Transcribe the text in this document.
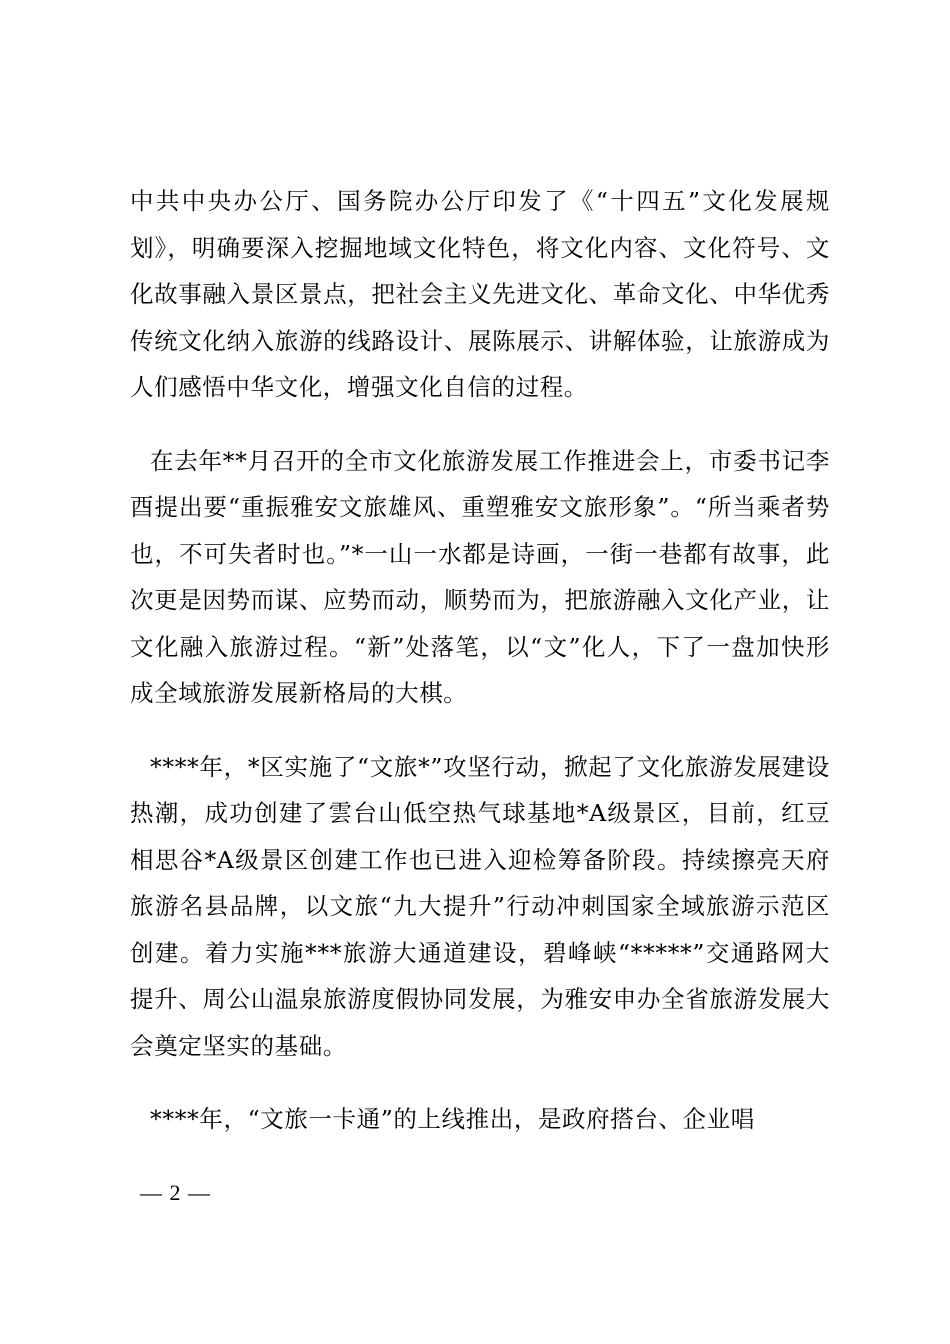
中共中央办公厅、国务院办公厅印发了《“十四五”文化发展规划》，明确要深入挖掘地域文化特色，将文化内容、文化符号、文化故事融入景区景点，把社会主义先进文化、革命文化、中华优秀传统文化纳入旅游的线路设计、展陈展示、讲解体验，让旅游成为人们感悟中华文化，增强文化自信的过程。

在去年**月召开的全市文化旅游发展工作推进会上，市委书记李酉提出要“重振雅安文旅雄风、重塑雅安文旅形象”。“所当乘者势也，不可失者时也。”*一山一水都是诗画，一街一巷都有故事，此次更是因势而谋、应势而动，顺势而为，把旅游融入文化产业，让文化融入旅游过程。“新”处落笔，以“文”化人，下了一盘加快形成全域旅游发展新格局的大棋。

****年，*区实施了“文旅*”攻坚行动，掀起了文化旅游发展建设热潮，成功创建了雲台山低空热气球基地*A级景区，目前，红豆相思谷*A级景区创建工作也已进入迎检筹备阶段。持续擦亮天府旅游名县品牌，以文旅“九大提升”行动冲刺国家全域旅游示范区创建。着力实施***旅游大通道建设，碧峰峡“*****”交通路网大提升、周公山温泉旅游度假协同发展，为雅安申办全省旅游发展大会奠定坚实的基础。

****年，“文旅一卡通”的上线推出，是政府搭台、企业唱

— 2 —
